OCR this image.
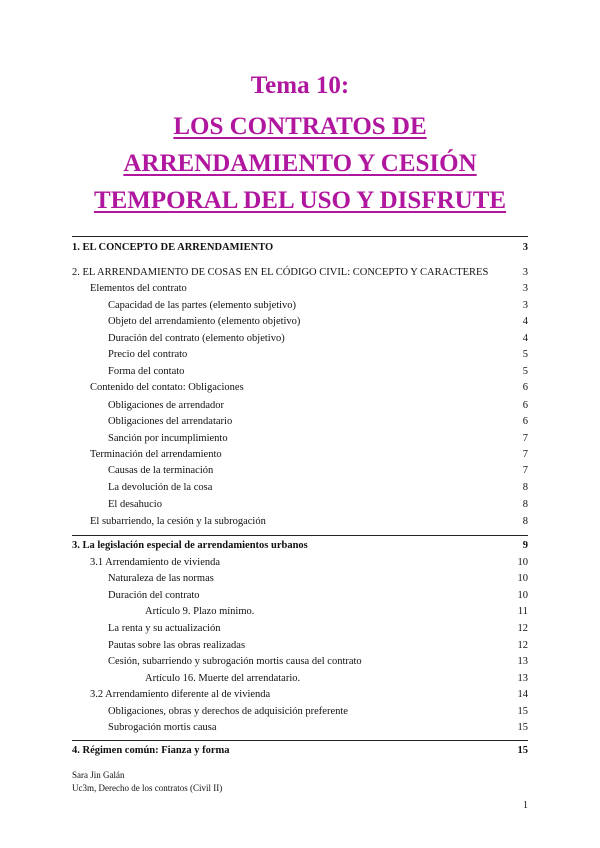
Tema 10:
LOS CONTRATOS DE
ARRENDAMIENTO Y CESIÓN
TEMPORAL DEL USO Y DISFRUTE
1. EL CONCEPTO DE ARRENDAMIENTO	3
2. EL ARRENDAMIENTO DE COSAS EN EL CÓDIGO CIVIL: CONCEPTO Y CARACTERES	3
Elementos del contrato	3
Capacidad de las partes (elemento subjetivo)	3
Objeto del arrendamiento (elemento objetivo)	4
Duración del contrato (elemento objetivo)	4
Precio del contrato	5
Forma del contato	5
Contenido del contato: Obligaciones	6
Obligaciones de arrendador	6
Obligaciones del arrendatario	6
Sanción por incumplimiento	7
Terminación del arrendamiento	7
Causas de la terminación	7
La devolución de la cosa	8
El desahucio	8
El subarriendo, la cesión y la subrogación	8
3. La legislación especial de arrendamientos urbanos	9
3.1 Arrendamiento de vivienda	10
Naturaleza de las normas	10
Duración del contrato	10
Artículo 9. Plazo mínimo.	11
La renta y su actualización	12
Pautas sobre las obras realizadas	12
Cesión, subarriendo y subrogación mortis causa del contrato	13
Artículo 16. Muerte del arrendatario.	13
3.2 Arrendamiento diferente al de vivienda	14
Obligaciones, obras y derechos de adquisición preferente	15
Subrogación mortis causa	15
4. Régimen común: Fianza y forma	15
Sara Jin Galán
Uc3m, Derecho de los contratos (Civil II)
1
